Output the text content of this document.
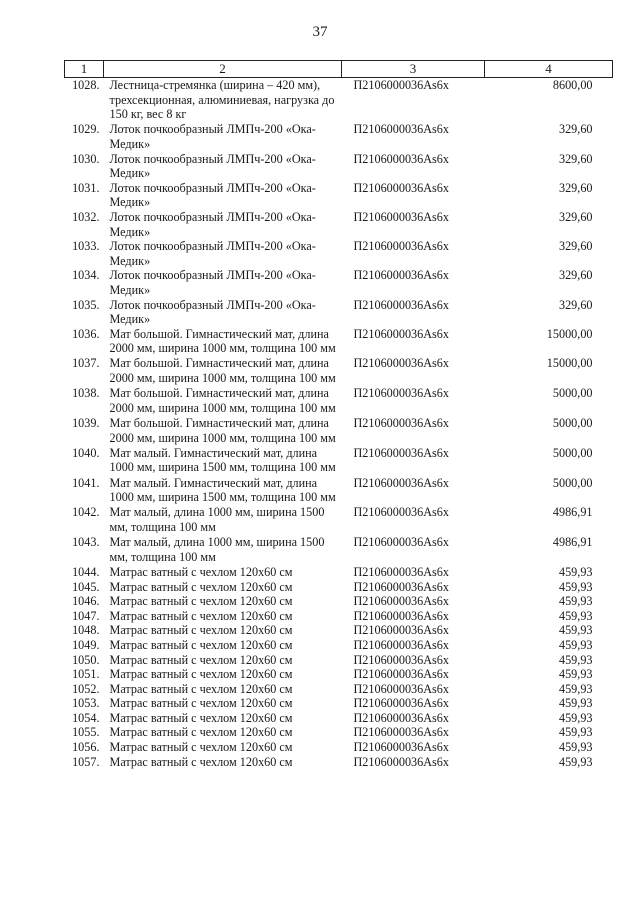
37
1	2	3	4
1028.	Лестница-стремянка (ширина – 420 мм), трехсекционная, алюминиевая, нагрузка до 150 кг, вес 8 кг	П2106000036Аs6х	8600,00
1029.	Лоток почкообразный ЛМПч-200 «Ока-Медик»	П2106000036Аs6х	329,60
1030.	Лоток почкообразный ЛМПч-200 «Ока-Медик»	П2106000036Аs6х	329,60
1031.	Лоток почкообразный ЛМПч-200 «Ока-Медик»	П2106000036Аs6х	329,60
1032.	Лоток почкообразный ЛМПч-200 «Ока-Медик»	П2106000036Аs6х	329,60
1033.	Лоток почкообразный ЛМПч-200 «Ока-Медик»	П2106000036Аs6х	329,60
1034.	Лоток почкообразный ЛМПч-200 «Ока-Медик»	П2106000036Аs6х	329,60
1035.	Лоток почкообразный ЛМПч-200 «Ока-Медик»	П2106000036Аs6х	329,60
1036.	Мат большой. Гимнастический мат, длина 2000 мм, ширина 1000 мм, толщина 100 мм	П2106000036Аs6х	15000,00
1037.	Мат большой. Гимнастический мат, длина 2000 мм, ширина 1000 мм, толщина 100 мм	П2106000036Аs6х	15000,00
1038.	Мат большой. Гимнастический мат, длина 2000 мм, ширина 1000 мм, толщина 100 мм	П2106000036Аs6х	5000,00
1039.	Мат большой. Гимнастический мат, длина 2000 мм, ширина 1000 мм, толщина 100 мм	П2106000036Аs6х	5000,00
1040.	Мат малый. Гимнастический мат, длина 1000 мм, ширина 1500 мм, толщина 100 мм	П2106000036Аs6х	5000,00
1041.	Мат малый. Гимнастический мат, длина 1000 мм, ширина 1500 мм, толщина 100 мм	П2106000036Аs6х	5000,00
1042.	Мат малый, длина 1000 мм, ширина 1500 мм, толщина 100 мм	П2106000036Аs6х	4986,91
1043.	Мат малый, длина 1000 мм, ширина 1500 мм, толщина 100 мм	П2106000036Аs6х	4986,91
1044.	Матрас ватный с чехлом 120х60 см	П2106000036Аs6х	459,93
1045.	Матрас ватный с чехлом 120х60 см	П2106000036Аs6х	459,93
1046.	Матрас ватный с чехлом 120х60 см	П2106000036Аs6х	459,93
1047.	Матрас ватный с чехлом 120х60 см	П2106000036Аs6х	459,93
1048.	Матрас ватный с чехлом 120х60 см	П2106000036Аs6х	459,93
1049.	Матрас ватный с чехлом 120х60 см	П2106000036Аs6х	459,93
1050.	Матрас ватный с чехлом 120х60 см	П2106000036Аs6х	459,93
1051.	Матрас ватный с чехлом 120х60 см	П2106000036Аs6х	459,93
1052.	Матрас ватный с чехлом 120х60 см	П2106000036Аs6х	459,93
1053.	Матрас ватный с чехлом 120х60 см	П2106000036Аs6х	459,93
1054.	Матрас ватный с чехлом 120х60 см	П2106000036Аs6х	459,93
1055.	Матрас ватный с чехлом 120х60 см	П2106000036Аs6х	459,93
1056.	Матрас ватный с чехлом 120х60 см	П2106000036Аs6х	459,93
1057.	Матрас ватный с чехлом 120х60 см	П2106000036Аs6х	459,93
